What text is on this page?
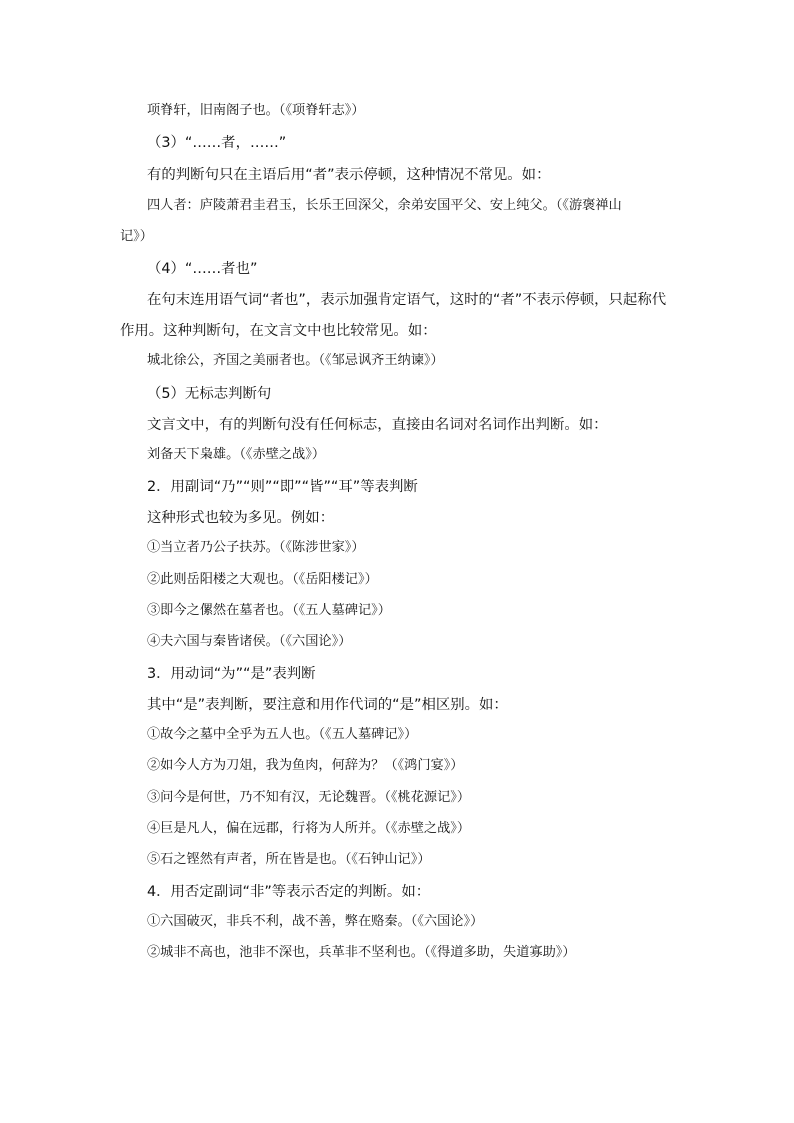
项脊轩，旧南阁子也。（《项脊轩志》）
（3）“……者，……”
有的判断句只在主语后用“者”表示停顿，这种情况不常见。如：
四人者：庐陵萧君圭君玉，长乐王回深父，余弟安国平父、安上纯父。（《游褒禅山
记》）
（4）“……者也”
在句末连用语气词“者也”，表示加强肯定语气，这时的“者”不表示停顿，只起称代
作用。这种判断句，在文言文中也比较常见。如：
城北徐公，齐国之美丽者也。（《邹忌讽齐王纳谏》）
（5）无标志判断句
文言文中，有的判断句没有任何标志，直接由名词对名词作出判断。如：
刘备天下枭雄。（《赤壁之战》）
2．用副词“乃”“则”“即”“皆”“耳”等表判断
这种形式也较为多见。例如：
①当立者乃公子扶苏。（《陈涉世家》）
②此则岳阳楼之大观也。（《岳阳楼记》）
③即今之傫然在墓者也。（《五人墓碑记》）
④夫六国与秦皆诸侯。（《六国论》）
3．用动词“为”“是”表判断
其中“是”表判断，要注意和用作代词的“是”相区别。如：
①故今之墓中全乎为五人也。（《五人墓碑记》）
②如今人方为刀俎，我为鱼肉，何辞为？（《鸿门宴》）
③问今是何世，乃不知有汉，无论魏晋。（《桃花源记》）
④巨是凡人，偏在远郡，行将为人所并。（《赤壁之战》）
⑤石之铿然有声者，所在皆是也。（《石钟山记》）
4．用否定副词“非”等表示否定的判断。如：
①六国破灭，非兵不利，战不善，弊在赂秦。（《六国论》）
②城非不高也，池非不深也，兵革非不坚利也。（《得道多助，失道寡助》）
